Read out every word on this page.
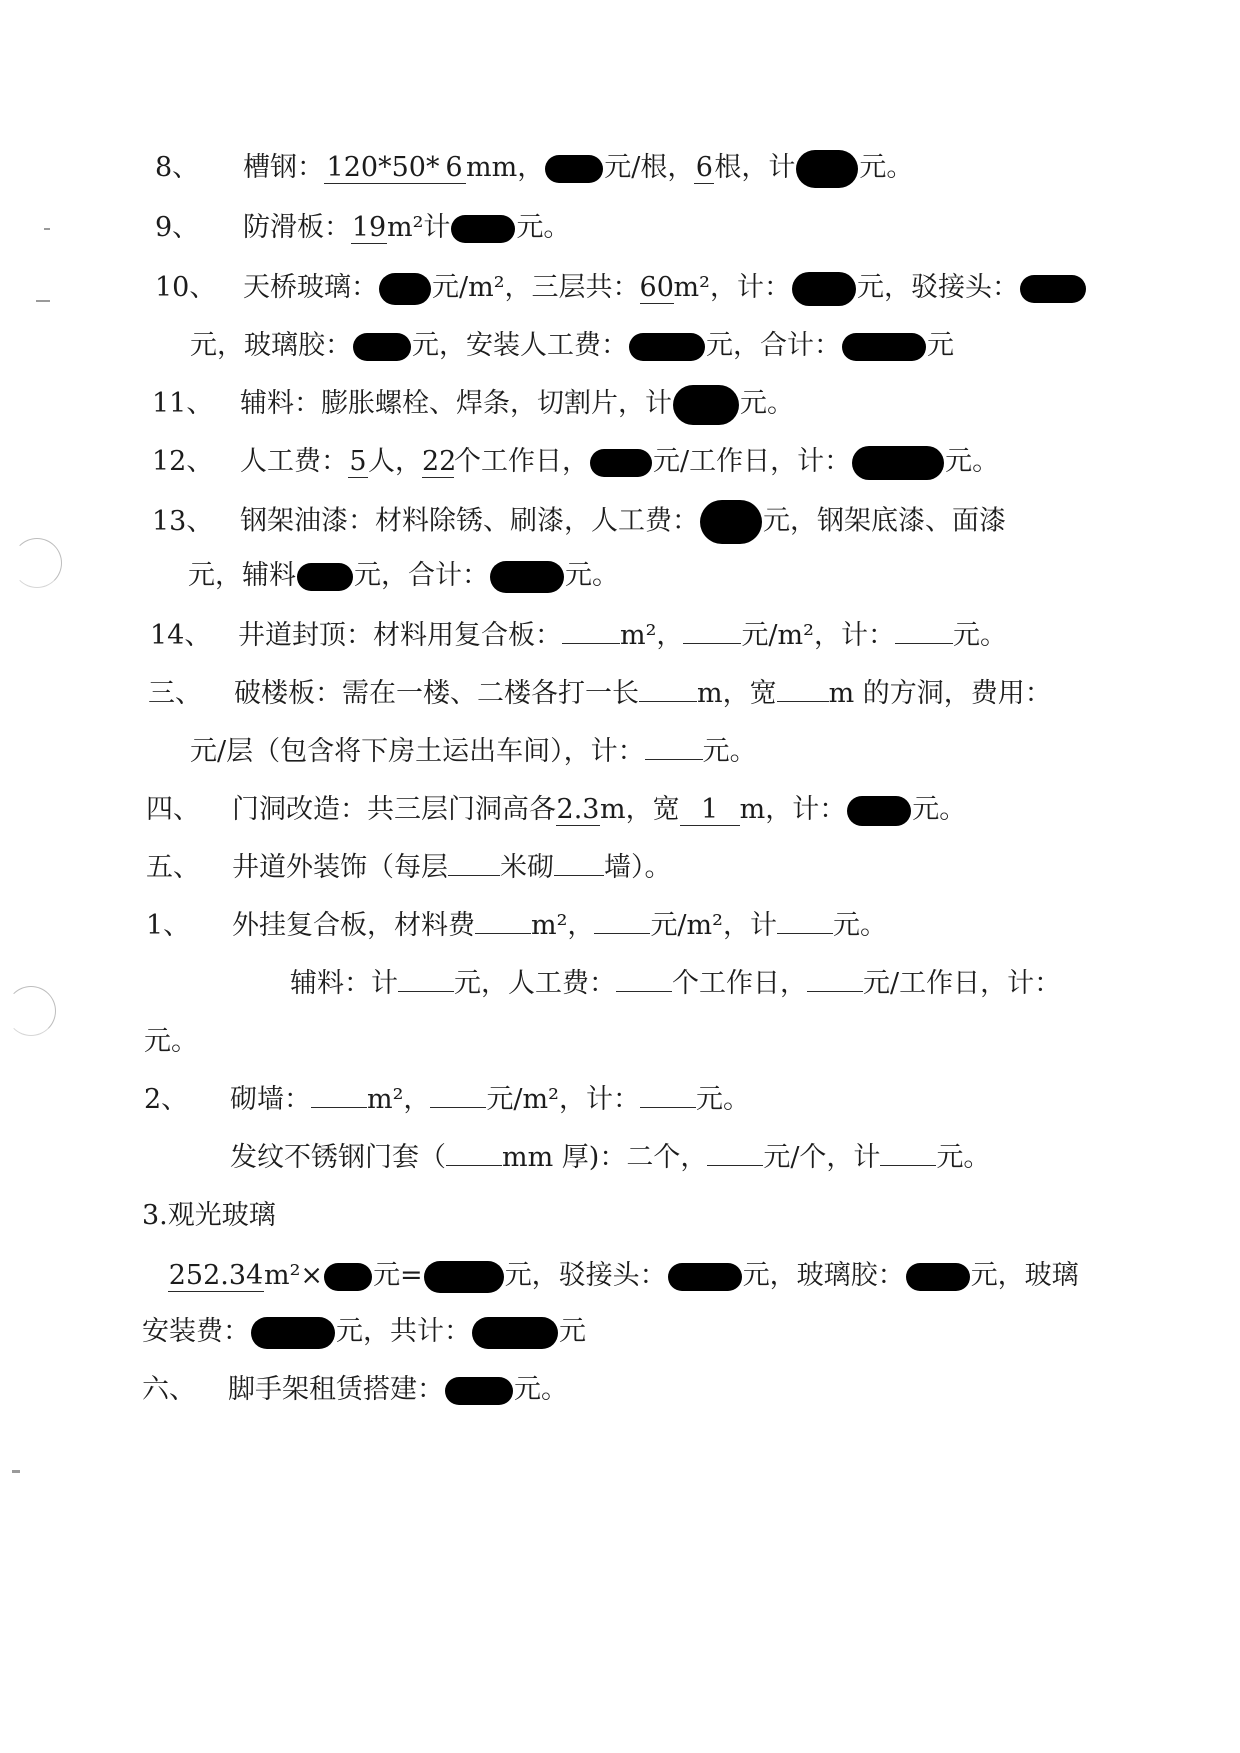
8、 槽钢：120*50* 6 mm， 元/根，6根，计 元。
9、 防滑板：19m²计 元。
10、 天桥玻璃： 元/m²，三层共：60m²，计： 元，驳接头：
元，玻璃胶： 元，安装人工费：	元，合计：	元
11、 辅料：膨胀螺栓、焊条，切割片，计	元。
12、 人工费：5人，22个工作日， 元/工作日，计：	元。
13、 钢架油漆：材料除锈、刷漆，人工费： 元，钢架底漆、面漆
元，辅料 元，合计：	元。
14、 井道封顶：材料用复合板： m²， 元/m²，计： 元。
三、 破楼板：需在一楼、二楼各打一长 m，宽 m 的方洞，费用：
元/层（包含将下房土运出车间），计： 元。
四、 门洞改造：共三层门洞高各2.3m，宽 1 m，计： 元。
五、 井道外装饰（每层 米砌 墙）。
1、 外挂复合板，材料费 m²， 元/m²，计 元。
辅料：计 元，人工费： 个工作日， 元/工作日，计：
元。
2、 砌墙： m²， 元/m²，计： 元。
发纹不锈钢门套（ mm 厚)：二个， 元/个，计 元。
3.观光玻璃
252.34m²× 元=	元，驳接头：	元，玻璃胶： 元，玻璃
安装费：	元，共计：	元
六、 脚手架租赁搭建：	元。
